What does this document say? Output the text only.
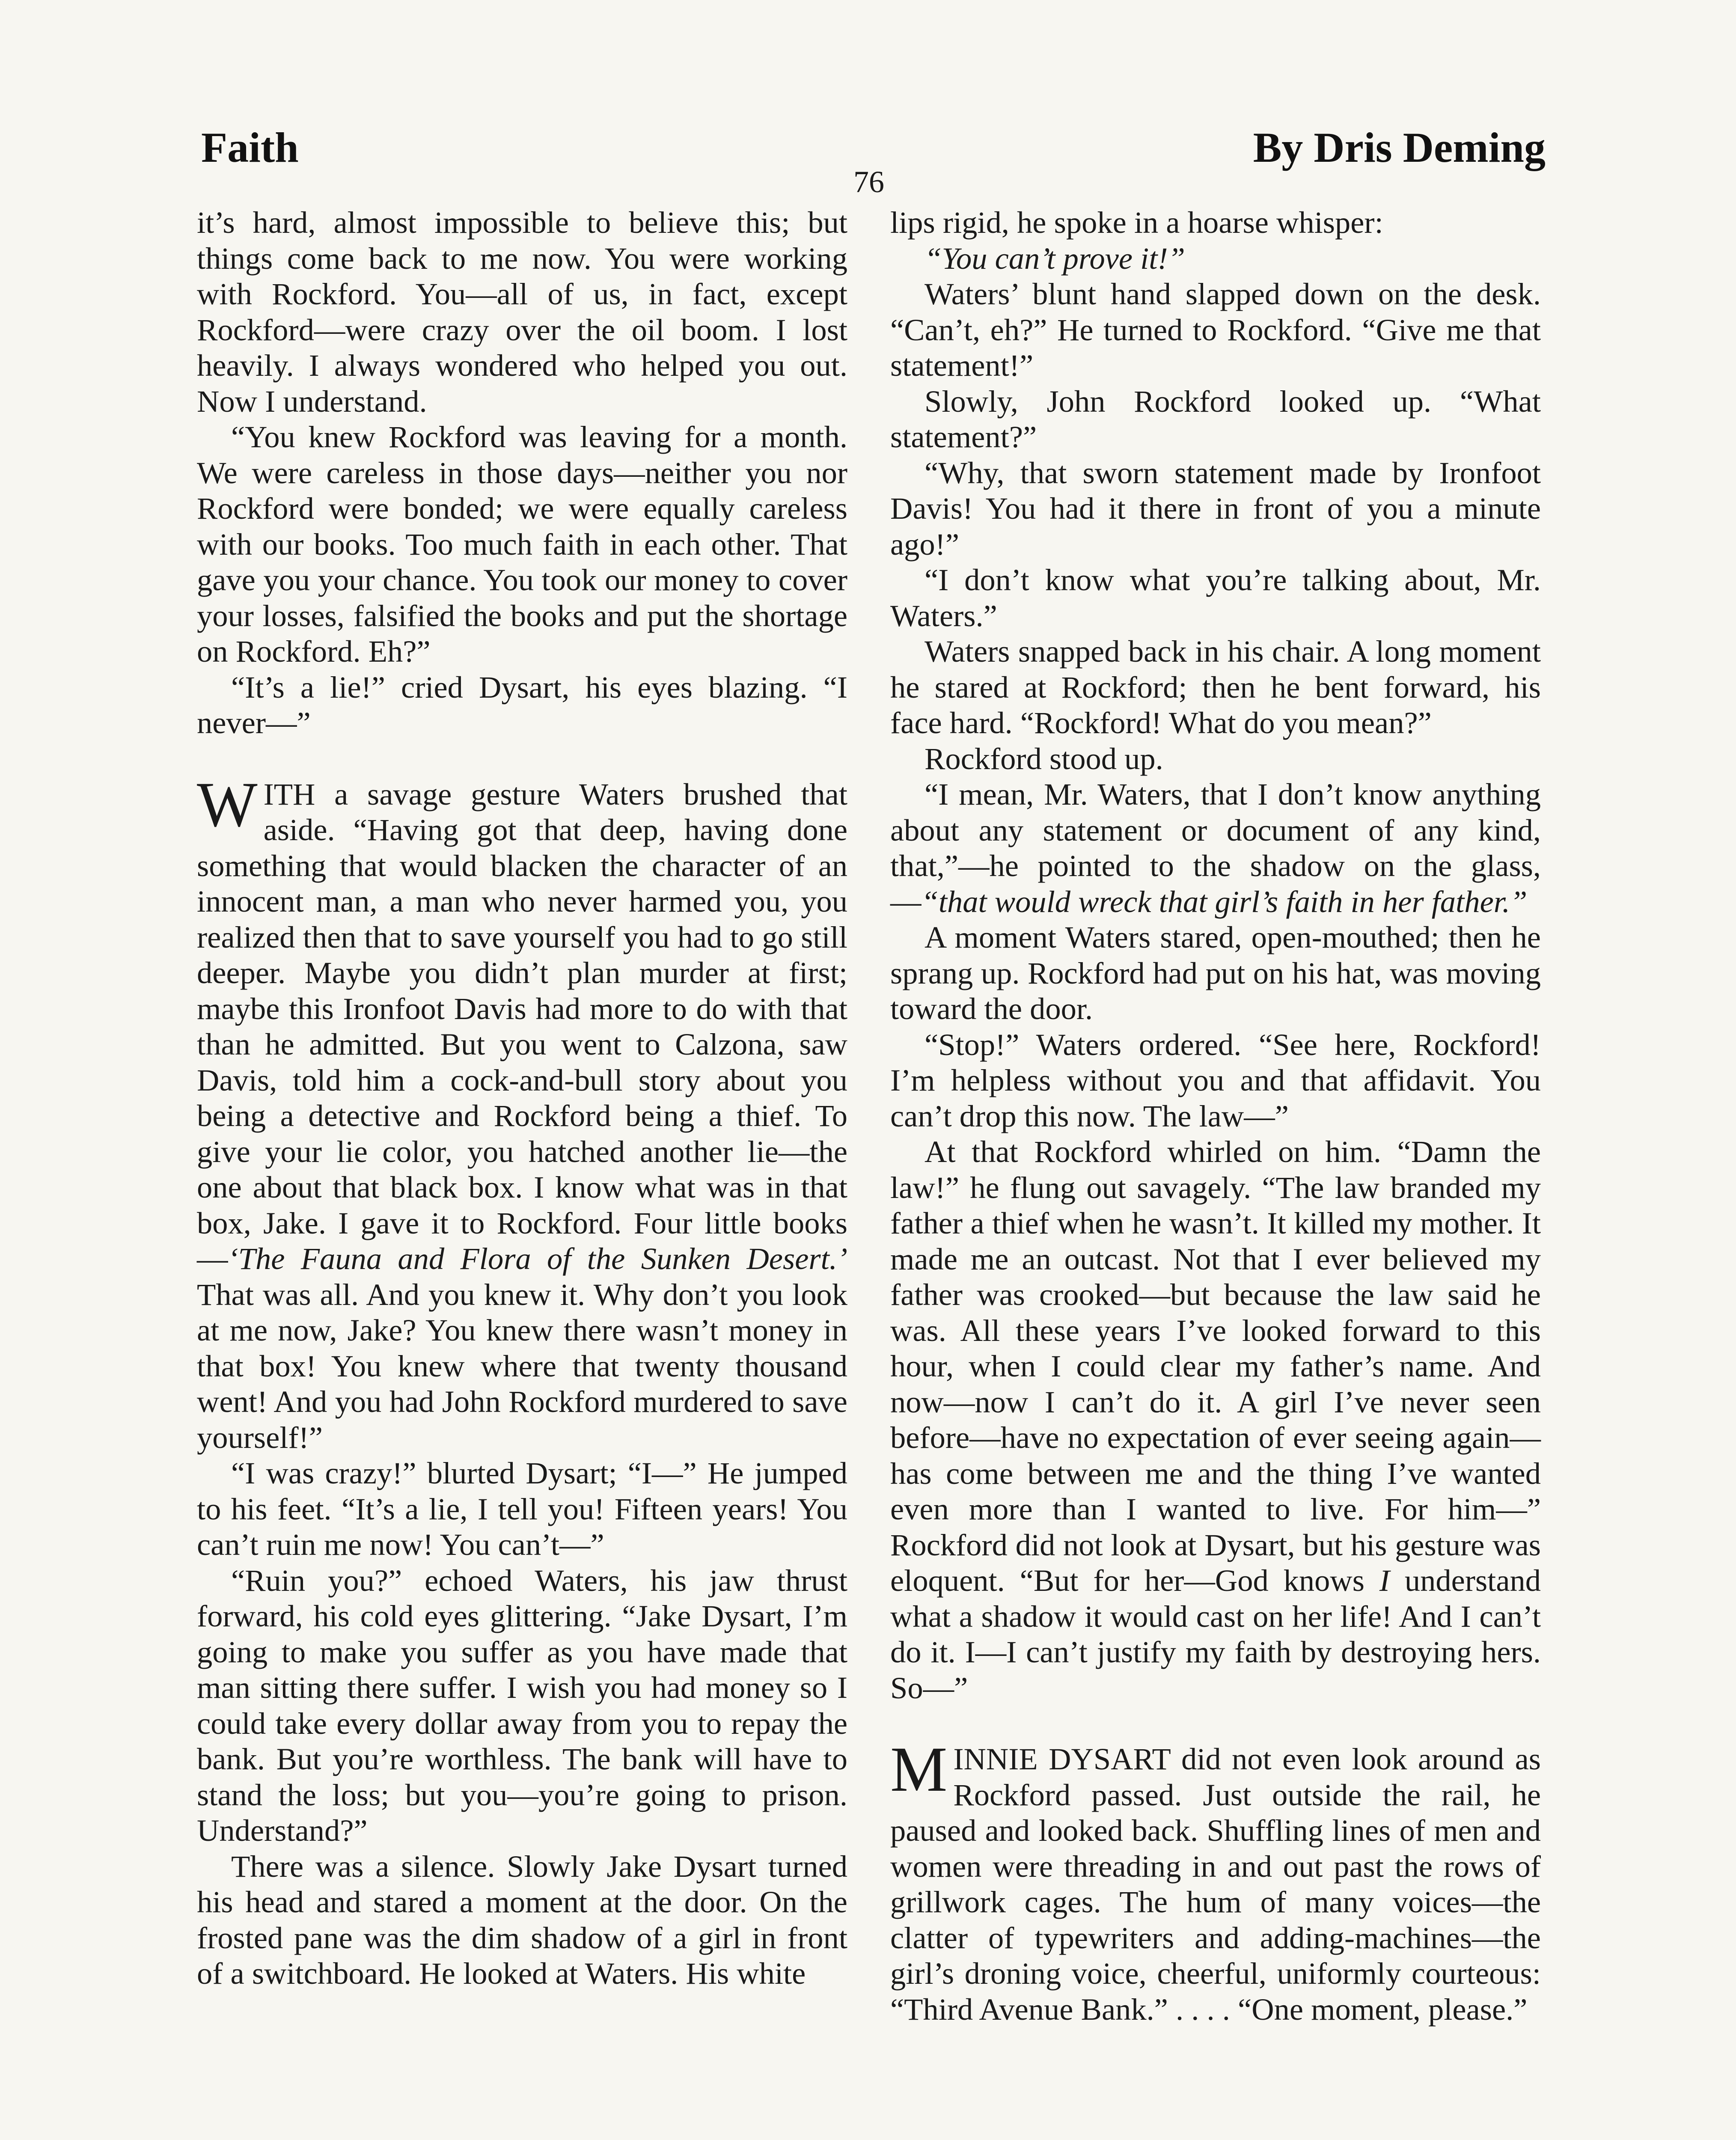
Faith	By Dris Deming
76

it’s hard, almost impossible to believe this; but things come back to me now. You were working with Rockford. You—all of us, in fact, except Rockford—were crazy over the oil boom. I lost heavily. I always wondered who helped you out. Now I understand.

“You knew Rockford was leaving for a month. We were careless in those days—neither you nor Rockford were bonded; we were equally careless with our books. Too much faith in each other. That gave you your chance. You took our money to cover your losses, falsified the books and put the shortage on Rockford. Eh?”

“It’s a lie!” cried Dysart, his eyes blazing. “I never—”

WITH a savage gesture Waters brushed that aside. “Having got that deep, having done something that would blacken the character of an innocent man, a man who never harmed you, you realized then that to save yourself you had to go still deeper. Maybe you didn’t plan murder at first; maybe this Ironfoot Davis had more to do with that than he admitted. But you went to Calzona, saw Davis, told him a cock-and-bull story about you being a detective and Rockford being a thief. To give your lie color, you hatched another lie—the one about that black box. I know what was in that box, Jake. I gave it to Rockford. Four little books—‘The Fauna and Flora of the Sunken Desert.’ That was all. And you knew it. Why don’t you look at me now, Jake? You knew there wasn’t money in that box! You knew where that twenty thousand went! And you had John Rockford murdered to save yourself!”

“I was crazy!” blurted Dysart; “I—” He jumped to his feet. “It’s a lie, I tell you! Fifteen years! You can’t ruin me now! You can’t—”

“Ruin you?” echoed Waters, his jaw thrust forward, his cold eyes glittering. “Jake Dysart, I’m going to make you suffer as you have made that man sitting there suffer. I wish you had money so I could take every dollar away from you to repay the bank. But you’re worthless. The bank will have to stand the loss; but you—you’re going to prison. Understand?”

There was a silence. Slowly Jake Dysart turned his head and stared a moment at the door. On the frosted pane was the dim shadow of a girl in front of a switchboard. He looked at Waters. His white

lips rigid, he spoke in a hoarse whisper:

“You can’t prove it!”

Waters’ blunt hand slapped down on the desk. “Can’t, eh?” He turned to Rockford. “Give me that statement!”

Slowly, John Rockford looked up. “What statement?”

“Why, that sworn statement made by Ironfoot Davis! You had it there in front of you a minute ago!”

“I don’t know what you’re talking about, Mr. Waters.”

Waters snapped back in his chair. A long moment he stared at Rockford; then he bent forward, his face hard. “Rockford! What do you mean?”

Rockford stood up.

“I mean, Mr. Waters, that I don’t know anything about any statement or document of any kind, that,”—he pointed to the shadow on the glass,—“that would wreck that girl’s faith in her father.”

A moment Waters stared, open-mouthed; then he sprang up. Rockford had put on his hat, was moving toward the door.

“Stop!” Waters ordered. “See here, Rockford! I’m helpless without you and that affidavit. You can’t drop this now. The law—”

At that Rockford whirled on him. “Damn the law!” he flung out savagely. “The law branded my father a thief when he wasn’t. It killed my mother. It made me an outcast. Not that I ever believed my father was crooked—but because the law said he was. All these years I’ve looked forward to this hour, when I could clear my father’s name. And now—now I can’t do it. A girl I’ve never seen before—have no expectation of ever seeing again—has come between me and the thing I’ve wanted even more than I wanted to live. For him—” Rockford did not look at Dysart, but his gesture was eloquent. “But for her—God knows I understand what a shadow it would cast on her life! And I can’t do it. I—I can’t justify my faith by destroying hers. So—”

MINNIE DYSART did not even look around as Rockford passed. Just outside the rail, he paused and looked back. Shuffling lines of men and women were threading in and out past the rows of grillwork cages. The hum of many voices—the clatter of typewriters and adding-machines—the girl’s droning voice, cheerful, uniformly courteous: “Third Avenue Bank.” . . . . “One moment, please.”
